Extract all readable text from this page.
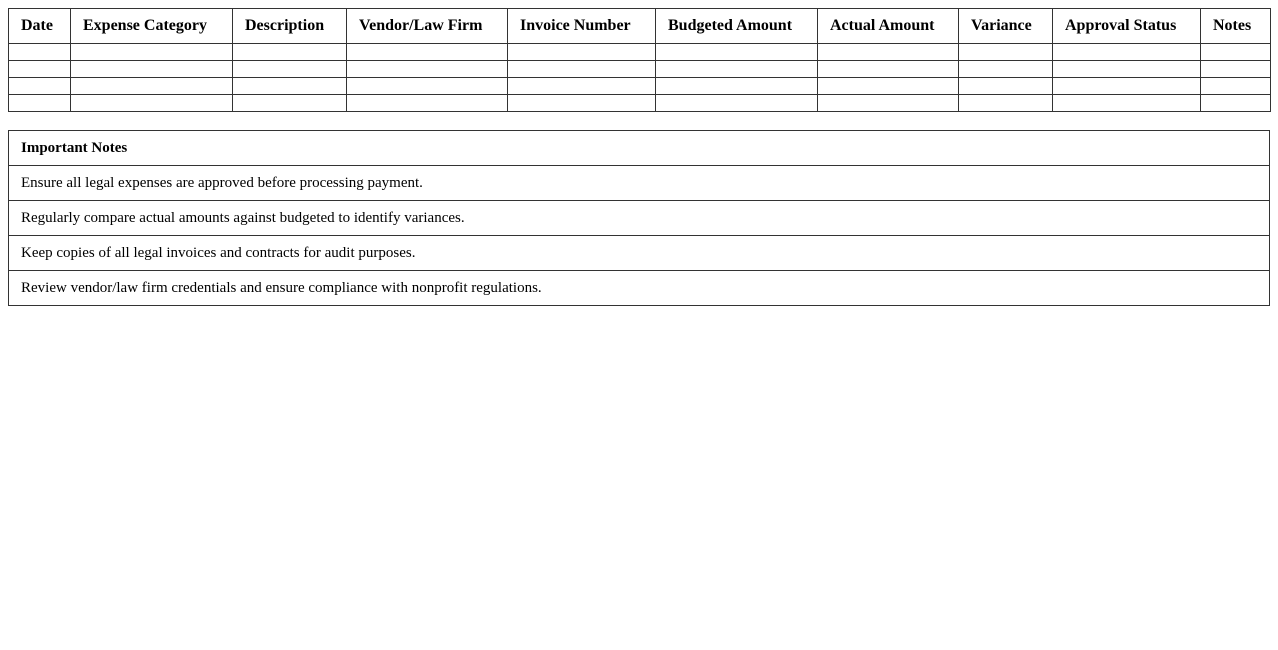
Date	Expense Category	Description	Vendor/Law Firm	Invoice Number	Budgeted Amount	Actual Amount	Variance	Approval Status	Notes

Important Notes
Ensure all legal expenses are approved before processing payment.
Regularly compare actual amounts against budgeted to identify variances.
Keep copies of all legal invoices and contracts for audit purposes.
Review vendor/law firm credentials and ensure compliance with nonprofit regulations.
